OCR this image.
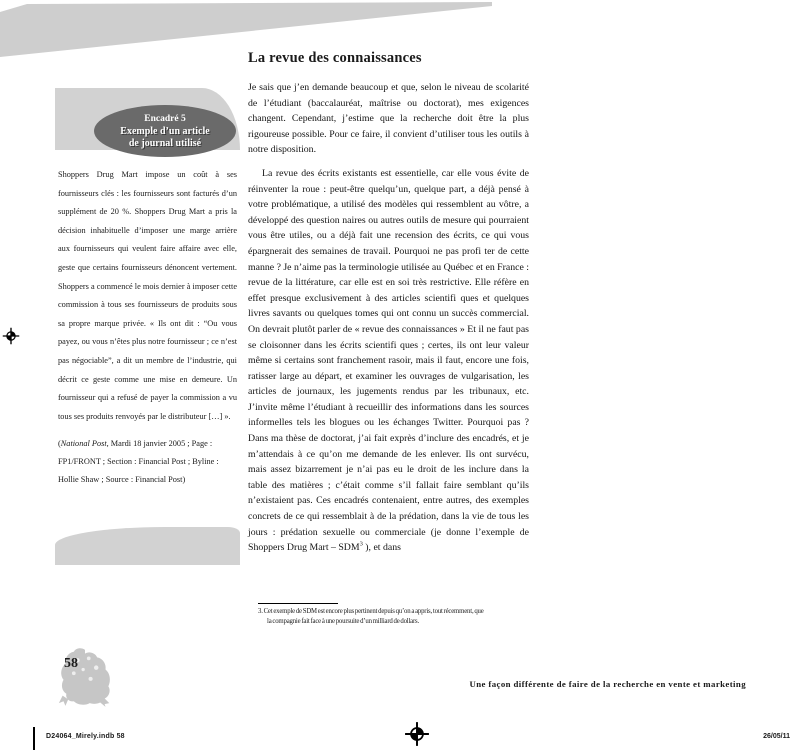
Encadré 5
Exemple d’un article
de journal utilisé

Shoppers Drug Mart impose un coût à ses fournisseurs clés : les fournisseurs sont facturés d’un supplément de 20 %. Shoppers Drug Mart a pris la décision inhabituelle d’imposer une marge arrière aux fournisseurs qui veulent faire affaire avec elle, geste que certains fournisseurs dénoncent vertement. Shoppers a commencé le mois dernier à imposer cette commission à tous ses fournisseurs de produits sous sa propre marque privée. « Ils ont dit : “Ou vous payez, ou vous n’êtes plus notre fournisseur ; ce n’est pas négociable”, a dit un membre de l’industrie, qui décrit ce geste comme une mise en demeure. Un fournisseur qui a refusé de payer la commission a vu tous ses produits renvoyés par le distributeur […] ».

(National Post, Mardi 18 janvier 2005 ; Page : FP1/FRONT ; Section : Financial Post ; Byline : Hollie Shaw ; Source : Financial Post)

La revue des connaissances

Je sais que j’en demande beaucoup et que, selon le niveau de scolarité de l’étudiant (baccalauréat, maîtrise ou doctorat), mes exigences changent. Cependant, j’estime que la recherche doit être la plus rigoureuse possible. Pour ce faire, il convient d’utiliser tous les outils à notre disposition.

La revue des écrits existants est essentielle, car elle vous évite de réinventer la roue : peut-être quelqu’un, quelque part, a déjà pensé à votre problématique, a utilisé des modèles qui ressemblent au vôtre, a développé des question naires ou autres outils de mesure qui pourraient vous être utiles, ou a déjà fait une recension des écrits, ce qui vous épargnerait des semaines de travail. Pourquoi ne pas profi ter de cette manne ? Je n’aime pas la terminologie utilisée au Québec et en France : revue de la littérature, car elle est en soi très restrictive. Elle réfère en effet presque exclusivement à des articles scientifi ques et quelques livres savants ou quelques tomes qui ont connu un succès commercial. On devrait plutôt parler de « revue des connaissances » Et il ne faut pas se cloisonner dans les écrits scientifi ques ; certes, ils ont leur valeur même si certains sont franchement rasoir, mais il faut, encore une fois, ratisser large au départ, et examiner les ouvrages de vulgarisation, les articles de journaux, les jugements rendus par les tribunaux, etc. J’invite même l’étudiant à recueillir des informations dans les sources informelles tels les blogues ou les échanges Twitter. Pourquoi pas ? Dans ma thèse de doctorat, j’ai fait exprès d’inclure des encadrés, et je m’attendais à ce qu’on me demande de les enlever. Ils ont survécu, mais assez bizarrement je n’ai pas eu le droit de les inclure dans la table des matières ; c’était comme s’il fallait faire semblant qu’ils n’existaient pas. Ces encadrés contenaient, entre autres, des exemples concrets de ce qui ressemblait à de la prédation, dans la vie de tous les jours : prédation sexuelle ou commerciale (je donne l’exemple de Shoppers Drug Mart – SDM$^3$ ), et dans

3. Cet exemple de SDM est encore plus pertinent depuis qu’on a appris, tout récemment, que la compagnie fait face à une poursuite d’un milliard de dollars.

Une façon différente de faire de la recherche en vente et marketing
58
D24064_Mirely.indb 58	26/05/11
